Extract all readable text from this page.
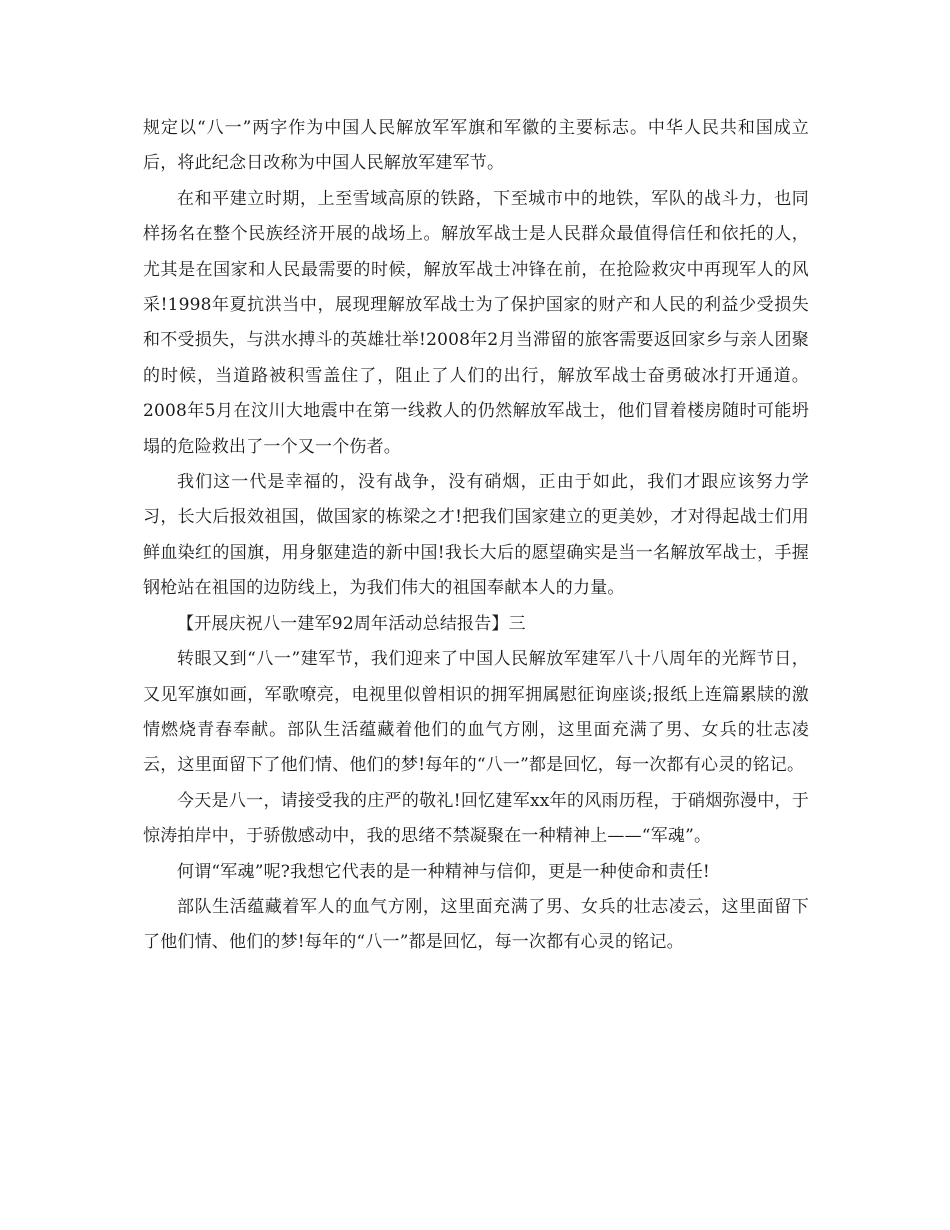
规定以“八一”两字作为中国人民解放军军旗和军徽的主要标志。中华人民共和国成立后，将此纪念日改称为中国人民解放军建军节。

在和平建立时期，上至雪域高原的铁路，下至城市中的地铁，军队的战斗力，也同样扬名在整个民族经济开展的战场上。解放军战士是人民群众最值得信任和依托的人，尤其是在国家和人民最需要的时候，解放军战士冲锋在前，在抢险救灾中再现军人的风采!1998年夏抗洪当中，展现理解放军战士为了保护国家的财产和人民的利益少受损失和不受损失，与洪水搏斗的英雄壮举!2008年2月当滞留的旅客需要返回家乡与亲人团聚的时候，当道路被积雪盖住了，阻止了人们的出行，解放军战士奋勇破冰打开通道。2008年5月在汶川大地震中在第一线救人的仍然解放军战士，他们冒着楼房随时可能坍塌的危险救出了一个又一个伤者。

我们这一代是幸福的，没有战争，没有硝烟，正由于如此，我们才跟应该努力学习，长大后报效祖国，做国家的栋梁之才!把我们国家建立的更美妙，才对得起战士们用鲜血染红的国旗，用身躯建造的新中国!我长大后的愿望确实是当一名解放军战士，手握钢枪站在祖国的边防线上，为我们伟大的祖国奉献本人的力量。

【开展庆祝八一建军92周年活动总结报告】三

转眼又到“八一”建军节，我们迎来了中国人民解放军建军八十八周年的光辉节日，又见军旗如画，军歌嘹亮，电视里似曾相识的拥军拥属慰征询座谈;报纸上连篇累牍的激情燃烧青春奉献。部队生活蕴藏着他们的血气方刚，这里面充满了男、女兵的壮志凌云，这里面留下了他们情、他们的梦!每年的“八一”都是回忆，每一次都有心灵的铭记。

今天是八一，请接受我的庄严的敬礼!回忆建军xx年的风雨历程，于硝烟弥漫中，于惊涛拍岸中，于骄傲感动中，我的思绪不禁凝聚在一种精神上——“军魂”。

何谓“军魂”呢?我想它代表的是一种精神与信仰，更是一种使命和责任!

部队生活蕴藏着军人的血气方刚，这里面充满了男、女兵的壮志凌云，这里面留下了他们情、他们的梦!每年的“八一”都是回忆，每一次都有心灵的铭记。
